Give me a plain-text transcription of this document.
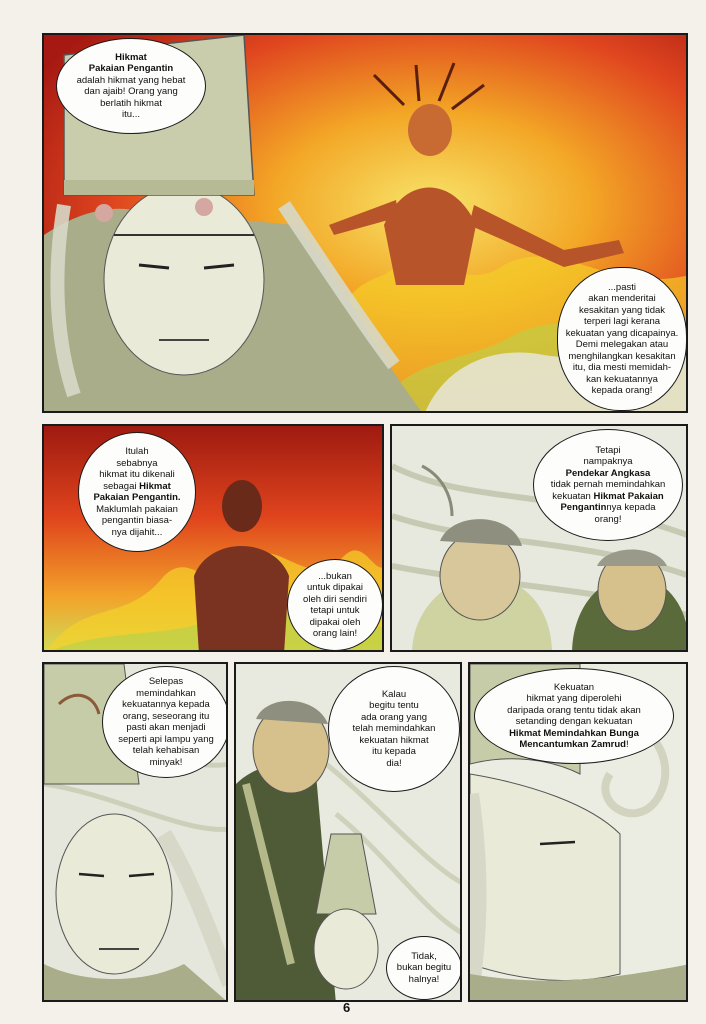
Hikmat
Pakaian Pengantin
adalah hikmat yang hebat
dan ajaib! Orang yang
berlatih hikmat
itu...
...pasti
akan menderitai
kesakitan yang tidak
terperi lagi kerana
kekuatan yang dicapainya.
Demi melegakan atau
menghilangkan kesakitan
itu, dia mesti memidah-
kan kekuatannya
kepada orang!
Itulah
sebabnya
hikmat itu dikenali
sebagai Hikmat
Pakaian Pengantin.
Maklumlah pakaian
pengantin biasa-
nya dijahit...
...bukan
untuk dipakai
oleh diri sendiri
tetapi untuk
dipakai oleh
orang lain!
Tetapi
nampaknya
Pendekar Angkasa
tidak pernah memindahkan
kekuatan Hikmat Pakaian
Pengantinnya kepada
orang!
Selepas
memindahkan
kekuatannya kepada
orang, seseorang itu
pasti akan menjadi
seperti api lampu yang
telah kehabisan
minyak!
Kalau
begitu tentu
ada orang yang
telah memindahkan
kekuatan hikmat
itu kepada
dia!
Tidak,
bukan begitu
halnya!
Kekuatan
hikmat yang diperolehi
daripada orang tentu tidak akan
setanding dengan kekuatan
Hikmat Memindahkan Bunga
Mencantumkan Zamrud!
6
